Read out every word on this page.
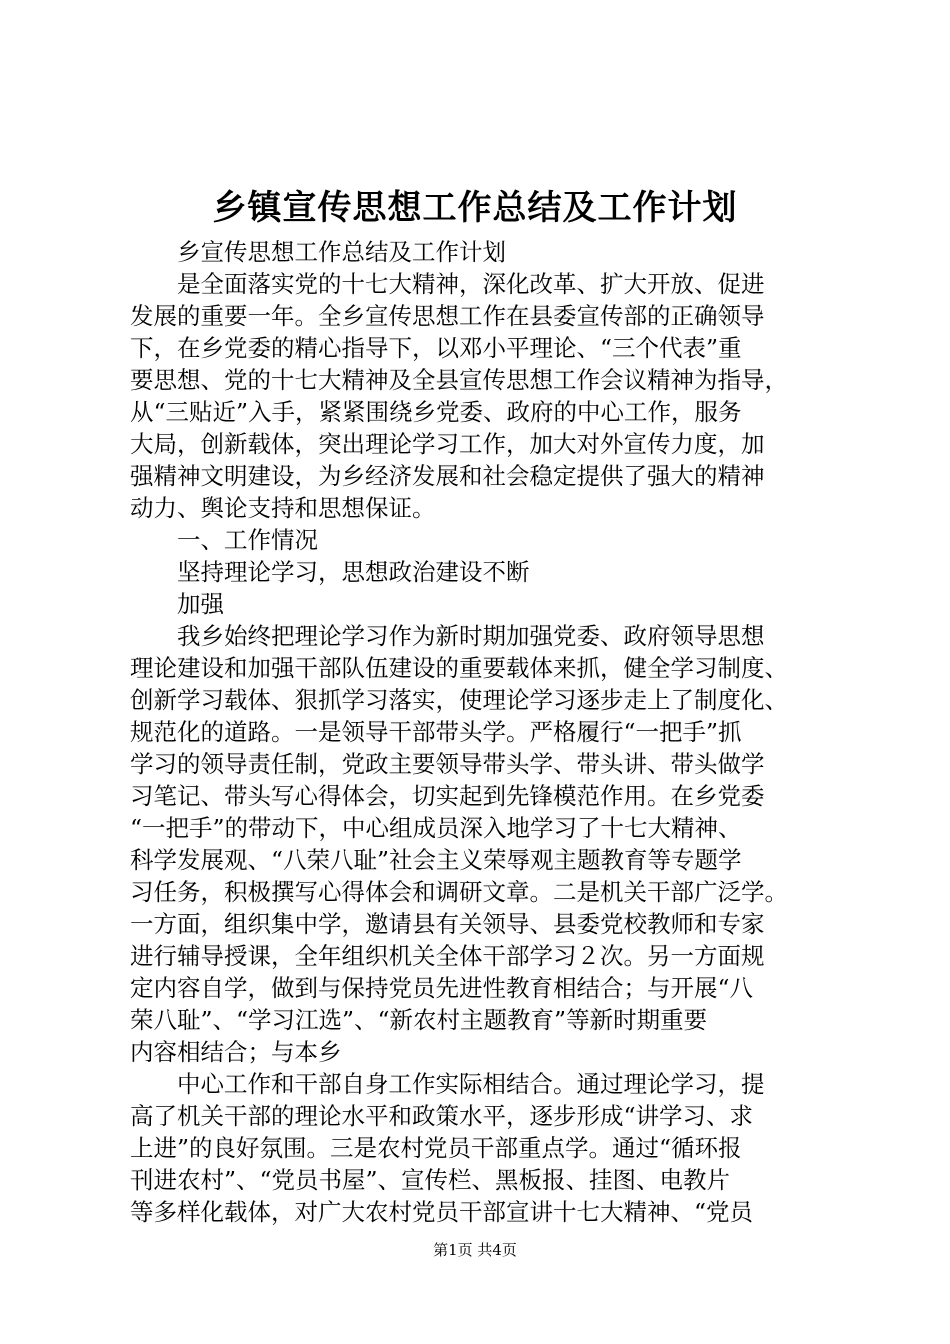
乡镇宣传思想工作总结及工作计划
乡宣传思想工作总结及工作计划
是全面落实党的十七大精神，深化改革、扩大开放、促进
发展的重要一年。全乡宣传思想工作在县委宣传部的正确领导
下，在乡党委的精心指导下，以邓小平理论、“三个代表”重
要思想、党的十七大精神及全县宣传思想工作会议精神为指导，
从“三贴近”入手，紧紧围绕乡党委、政府的中心工作，服务
大局，创新载体，突出理论学习工作，加大对外宣传力度，加
强精神文明建设，为乡经济发展和社会稳定提供了强大的精神
动力、舆论支持和思想保证。
一、工作情况
坚持理论学习，思想政治建设不断
加强
我乡始终把理论学习作为新时期加强党委、政府领导思想
理论建设和加强干部队伍建设的重要载体来抓，健全学习制度、
创新学习载体、狠抓学习落实，使理论学习逐步走上了制度化、
规范化的道路。一是领导干部带头学。严格履行“一把手”抓
学习的领导责任制，党政主要领导带头学、带头讲、带头做学
习笔记、带头写心得体会，切实起到先锋模范作用。在乡党委
“一把手”的带动下，中心组成员深入地学习了十七大精神、
科学发展观、“八荣八耻”社会主义荣辱观主题教育等专题学
习任务，积极撰写心得体会和调研文章。二是机关干部广泛学。
一方面，组织集中学，邀请县有关领导、县委党校教师和专家
进行辅导授课，全年组织机关全体干部学习２次。另一方面规
定内容自学，做到与保持党员先进性教育相结合；与开展“八
荣八耻”、“学习江选”、“新农村主题教育”等新时期重要
内容相结合；与本乡
中心工作和干部自身工作实际相结合。通过理论学习，提
高了机关干部的理论水平和政策水平，逐步形成“讲学习、求
上进”的良好氛围。三是农村党员干部重点学。通过“循环报
刊进农村”、“党员书屋”、宣传栏、黑板报、挂图、电教片
等多样化载体，对广大农村党员干部宣讲十七大精神、“党员
第1页 共4页
